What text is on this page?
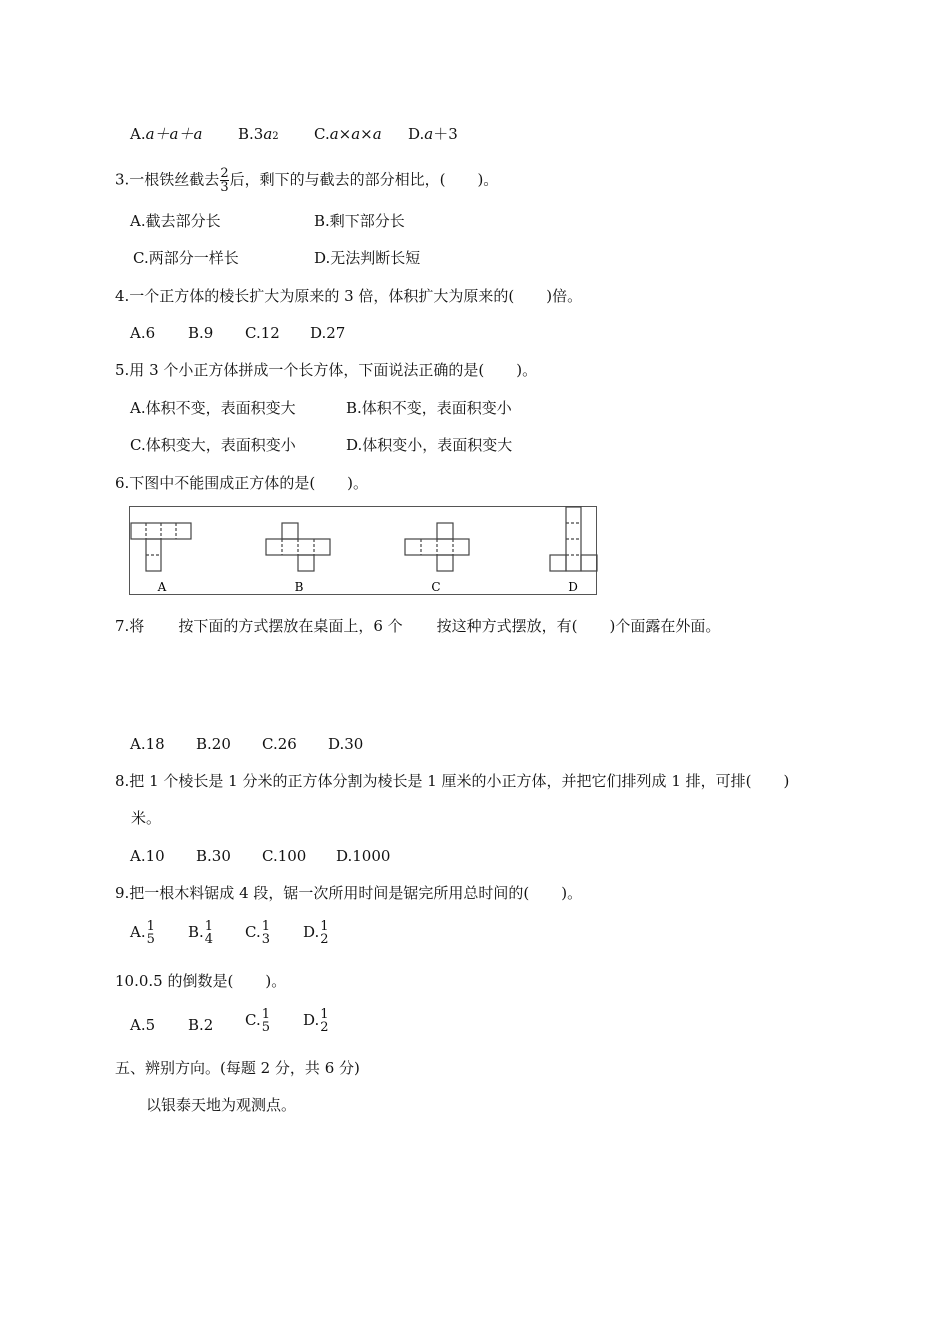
A.a＋a＋a B.3a2 C.a×a×a D.a＋3
3.一根铁丝截去 $\frac{2}{3}$ 后，剩下的与截去的部分相比，( )。
A.截去部分长	B.剩下部分长
C.两部分一样长	D.无法判断长短
4.一个正方体的棱长扩大为原来的 3 倍，体积扩大为原来的( )倍。
A.6 B.9 C.12 D.27
5.用 3 个小正方体拼成一个长方体，下面说法正确的是( )。
A.体积不变，表面积变大	B.体积不变，表面积变小
C.体积变大，表面积变小	D.体积变小，表面积变大
6.下图中不能围成正方体的是( )。
A	B	C	D
7.将 按下面的方式摆放在桌面上，6 个 按这种方式摆放，有( )个面露在外面。
A.18 B.20 C.26 D.30
8.把 1 个棱长是 1 分米的正方体分割为棱长是 1 厘米的小正方体，并把它们排列成 1 排，可排( )
米。
A.10 B.30 C.100 D.1000
9.把一根木料锯成 4 段，锯一次所用时间是锯完所用总时间的( )。
A. 1
5 B. 1
4 C. 1
3 D. 1
2
10.0.5 的倒数是( )。
A.5 B.2 C. 1
5 D. 1
2
五、辨别方向。(每题 2 分，共 6 分)
以银泰天地为观测点。
